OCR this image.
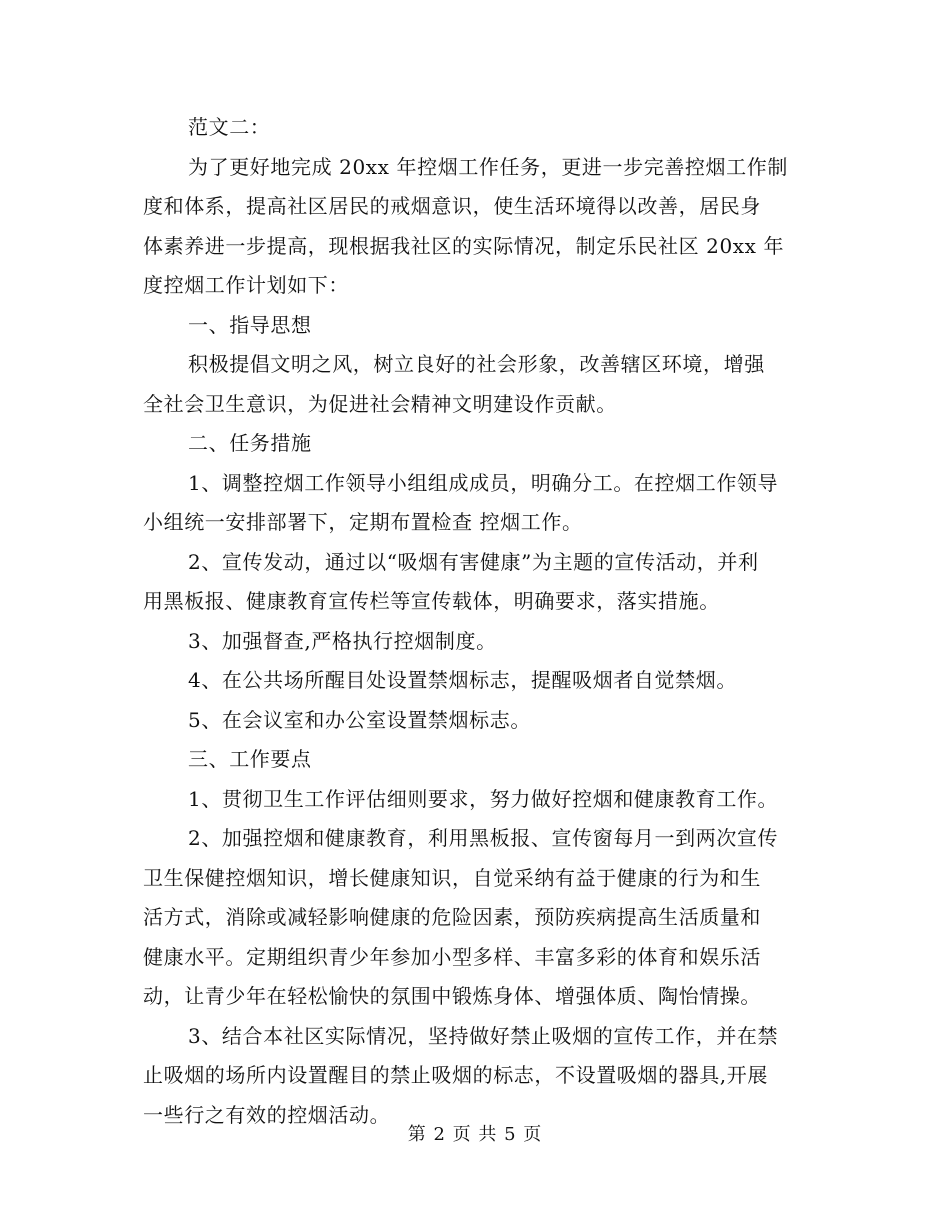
范文二：
为了更好地完成 20xx 年控烟工作任务，更进一步完善控烟工作制
度和体系，提高社区居民的戒烟意识，使生活环境得以改善，居民身
体素养进一步提高，现根据我社区的实际情况，制定乐民社区 20xx 年
度控烟工作计划如下：
一、指导思想
积极提倡文明之风，树立良好的社会形象，改善辖区环境，增强
全社会卫生意识，为促进社会精神文明建设作贡献。
二、任务措施
1、调整控烟工作领导小组组成成员，明确分工。在控烟工作领导
小组统一安排部署下，定期布置检查 控烟工作。
2、宣传发动，通过以“吸烟有害健康”为主题的宣传活动，并利
用黑板报、健康教育宣传栏等宣传载体，明确要求，落实措施。
3、加强督查,严格执行控烟制度。
4、在公共场所醒目处设置禁烟标志，提醒吸烟者自觉禁烟。
5、在会议室和办公室设置禁烟标志。
三、工作要点
1、贯彻卫生工作评估细则要求，努力做好控烟和健康教育工作。
2、加强控烟和健康教育，利用黑板报、宣传窗每月一到两次宣传
卫生保健控烟知识，增长健康知识，自觉采纳有益于健康的行为和生
活方式，消除或减轻影响健康的危险因素，预防疾病提高生活质量和
健康水平。定期组织青少年参加小型多样、丰富多彩的体育和娱乐活
动，让青少年在轻松愉快的氛围中锻炼身体、增强体质、陶怡情操。
3、结合本社区实际情况，坚持做好禁止吸烟的宣传工作，并在禁
止吸烟的场所内设置醒目的禁止吸烟的标志，不设置吸烟的器具,开展
一些行之有效的控烟活动。
第 2 页 共 5 页
